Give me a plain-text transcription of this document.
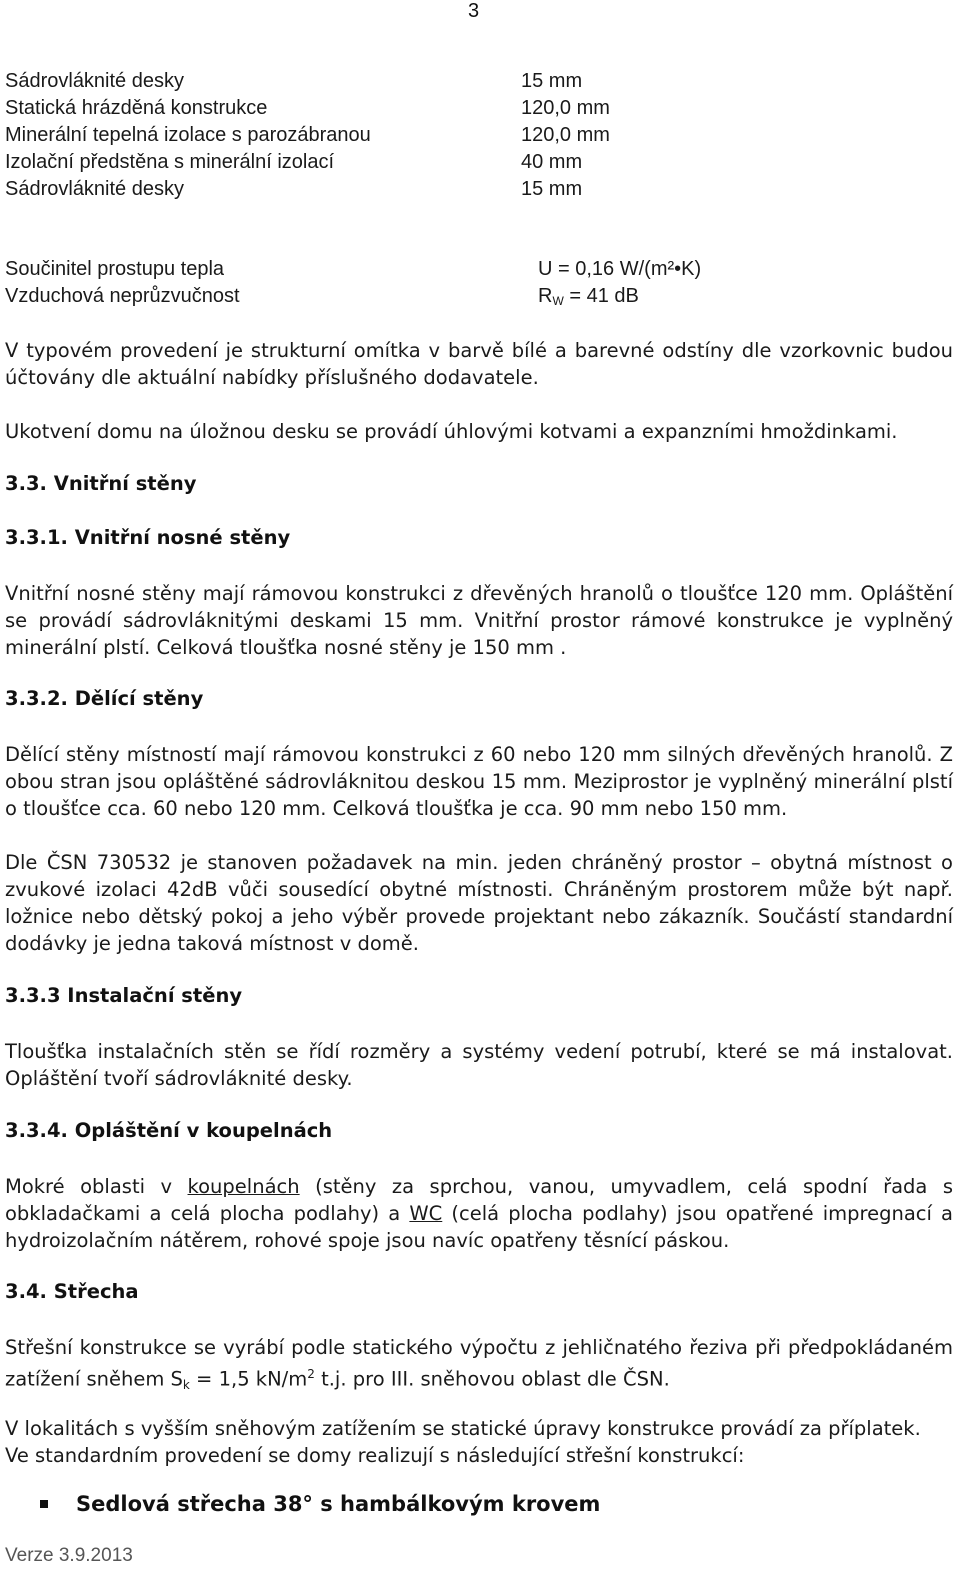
3
Sádrovláknité desky	15 mm
Statická hrázděná konstrukce	120,0 mm
Minerální tepelná izolace s parozábranou	120,0 mm
Izolační předstěna s minerální izolací	40 mm
Sádrovláknité desky	15 mm
Součinitel prostupu tepla	U = 0,16 W/(m²•K)
Vzduchová neprůzvučnost	RW = 41 dB

V typovém provedení je strukturní omítka v barvě bílé a barevné odstíny dle vzorkovnic budou účtovány dle aktuální nabídky příslušného dodavatele.

Ukotvení domu na úložnou desku se provádí úhlovými kotvami a expanzními hmoždinkami.

3.3. Vnitřní stěny

3.3.1. Vnitřní nosné stěny

Vnitřní nosné stěny mají rámovou konstrukci z dřevěných hranolů o tloušťce 120 mm. Opláštění se provádí sádrovláknitými deskami 15 mm. Vnitřní prostor rámové konstrukce je vyplněný minerální plstí. Celková tloušťka nosné stěny je 150 mm .

3.3.2. Dělící stěny

Dělící stěny místností mají rámovou konstrukci z 60 nebo 120 mm silných dřevěných hranolů. Z obou stran jsou opláštěné sádrovláknitou deskou 15 mm. Meziprostor je vyplněný minerální plstí o tloušťce cca. 60 nebo 120 mm. Celková tloušťka je cca. 90 mm nebo 150 mm.

Dle ČSN 730532 je stanoven požadavek na min. jeden chráněný prostor – obytná místnost o zvukové izolaci 42dB vůči sousedící obytné místnosti. Chráněným prostorem může být např. ložnice nebo dětský pokoj a jeho výběr provede projektant nebo zákazník. Součástí standardní dodávky je jedna taková místnost v domě.

3.3.3 Instalační stěny

Tloušťka instalačních stěn se řídí rozměry a systémy vedení potrubí, které se má instalovat. Opláštění tvoří sádrovláknité desky.

3.3.4. Opláštění v koupelnách

Mokré oblasti v koupelnách (stěny za sprchou, vanou, umyvadlem, celá spodní řada s obkladačkami a celá plocha podlahy) a WC (celá plocha podlahy) jsou opatřené impregnací a hydroizolačním nátěrem, rohové spoje jsou navíc opatřeny těsnící páskou.

3.4. Střecha

Střešní konstrukce se vyrábí podle statického výpočtu z jehličnatého řeziva při předpokládaném zatížení sněhem Sk = 1,5 $kN/m^2$ t.j. pro III. sněhovou oblast dle ČSN.

V lokalitách s vyšším sněhovým zatížením se statické úpravy konstrukce provádí za příplatek.

Ve standardním provedení se domy realizují s následující střešní konstrukcí:

Sedlová střecha 38° s hambálkovým krovem
Verze 3.9.2013
